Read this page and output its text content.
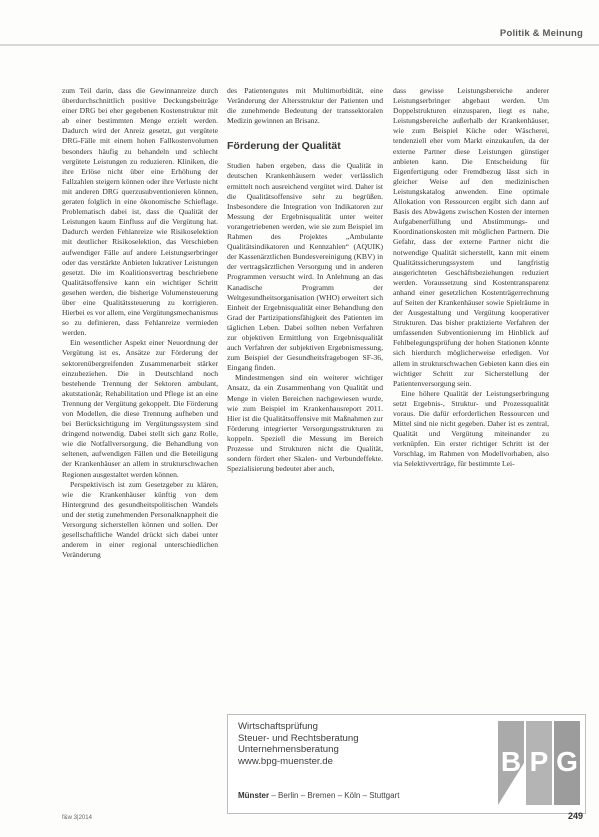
Politik & Meinung

zum Teil darin, dass die Gewinnanreize durch überdurchschnittlich positive Deckungsbeiträge einer DRG bei eher gegebenen Kostenstruktur mit ab einer bestimmten Menge erzielt werden. Dadurch wird der Anreiz gesetzt, gut vergütete DRG-Fälle mit einem hohen Fallkostenvolumen besonders häufig zu behandeln und schlecht vergütete Leistungen zu reduzieren. Kliniken, die ihre Erlöse nicht über eine Erhöhung der Fallzahlen steigern können oder ihre Verluste nicht mit anderen DRG querzusubventionieren können, geraten folglich in eine ökonomische Schieflage. Problematisch dabei ist, dass die Qualität der Leistungen kaum Einfluss auf die Vergütung hat. Dadurch werden Fehlanreize wie Risikoselektion mit deutlicher Risikoselektion, das Verschieben aufwendiger Fälle auf andere Leistungserbringer oder das verstärkte Anbieten lukrativer Leistungen gesetzt. Die im Koalitionsvertrag beschriebene Qualitätsoffensive kann ein wichtiger Schritt gesehen werden, die bisherige Volumensteuerung über eine Qualitätssteuerung zu korrigieren. Hierbei es vor allem, eine Vergütungsmechanismus so zu definieren, dass Fehlanreize vermieden werden.

Ein wesentlicher Aspekt einer Neuordnung der Vergütung ist es, Ansätze zur Förderung der sektorenübergreifenden Zusammenarbeit stärker einzubeziehen. Die in Deutschland noch bestehende Trennung der Sektoren ambulant, akutstationär, Rehabilitation und Pflege ist an eine Trennung der Vergütung gekoppelt. Die Förderung von Modellen, die diese Trennung aufheben und bei Berücksichtigung im Vergütungssystem sind dringend notwendig. Dabei stellt sich ganz Rolle, wie die Notfallversorgung, die Behandlung von seltenen, aufwendigen Fällen und die Beteiligung der Krankenhäuser an allem in strukturschwachen Regionen ausgestaltet werden können.

Perspektivisch ist zum Gesetzgeber zu klären, wie die Krankenhäuser künftig von dem Hintergrund des gesundheitspolitischen Wandels und der stetig zunehmenden Personalknappheit die Versorgung sicherstellen können und sollen. Der gesellschaftliche Wandel drückt sich dabei unter anderem in einer regional unterschiedlichen Veränderung

des Patientengutes mit Multimorbidität, eine Veränderung der Altersstruktur der Patienten und die zunehmende Bedeutung der transsektoralen Medizin gewinnen an Brisanz.

Förderung der Qualität

Studien haben ergeben, dass die Qualität in deutschen Krankenhäusern weder verlässlich ermittelt noch ausreichend vergütet wird. Daher ist die Qualitätsoffensive sehr zu begrüßen. Insbesondere die Integration von Indikatoren zur Messung der Ergebnisqualität unter weiter vorangetriebenen werden, wie sie zum Beispiel im Rahmen des Projektes „Ambulante Qualitätsindikatoren und Kennzahlen“ (AQUIK) der Kassenärztlichen Bundesvereinigung (KBV) in der vertragsärztlichen Versorgung und in anderen Programmen versucht wird. In Anlehnung an das Kanadische Programm der Weltgesundheitsorganisation (WHO) erweitert sich Einheit der Ergebnisqualität einer Behandlung den Grad der Partizipationsfähigkeit des Patienten im täglichen Leben. Dabei sollten neben Verfahren zur objektiven Ermittlung von Ergebnisqualität auch Verfahren der subjektiven Ergebnismessung, zum Beispiel der Gesundheitsfragebogen SF-36, Eingang finden.

Mindestmengen sind ein weiterer wichtiger Ansatz, da ein Zusammenhang von Qualität und Menge in vielen Bereichen nachgewiesen wurde, wie zum Beispiel im Krankenhausreport 2011. Hier ist die Qualitätsoffensive mit Maßnahmen zur Förderung integrierter Versorgungsstrukturen zu koppeln. Speziell die Messung im Bereich Prozesse und Strukturen nicht die Qualität, sondern fördert eher Skalen- und Verbundeffekte. Spezialisierung bedeutet aber auch,

dass gewisse Leistungsbereiche anderer Leistungserbringer abgebaut werden. Um Doppelstrukturen einzusparen, liegt es nahe, Leistungsbereiche außerhalb der Krankenhäuser, wie zum Beispiel Küche oder Wäscherei, tendenziell eher vom Markt einzukaufen, da der externe Partner diese Leistungen günstiger anbieten kann. Die Entscheidung für Eigenfertigung oder Fremdbezug lässt sich in gleicher Weise auf den medizinischen Leistungskatalog anwenden. Eine optimale Allokation von Ressourcen ergibt sich dann auf Basis des Abwägens zwischen Kosten der internen Aufgabenerfüllung und Abstimmungs- und Koordinationskosten mit möglichen Partnern. Die Gefahr, dass der externe Partner nicht die notwendige Qualität sicherstellt, kann mit einem Qualitätssicherungssystem und langfristig ausgerichteten Geschäftsbeziehungen reduziert werden. Voraussetzung sind Kostentransparenz anhand einer gesetzlichen Kostenträgerrechnung auf Seiten der Krankenhäuser sowie Spielräume in der Ausgestaltung und Vergütung kooperativer Strukturen. Das bisher praktizierte Verfahren der umfassenden Subventionierung im Hinblick auf Fehlbelegungsprüfung der hohen Stationen könnte sich hierdurch möglicherweise erledigen. Vor allem in strukturschwachen Gebieten kann dies ein wichtiger Schritt zur Sicherstellung der Patientenversorgung sein.

Eine höhere Qualität der Leistungserbringung setzt Ergebnis-, Struktur- und Prozessqualität voraus. Die dafür erforderlichen Ressourcen und Mittel sind nie nicht gegeben. Daher ist es zentral, Qualität und Vergütung miteinander zu verknüpfen. Ein erster richtiger Schritt ist der Vorschlag, im Rahmen von Modellvorhaben, also via Selektivverträge, für bestimmte Lei-

Wirtschaftsprüfung
Steuer- und Rechtsberatung
Unternehmensberatung
www.bpg-muenster.de
Münster – Berlin – Bremen – Köln – Stuttgart
B P G
f&w 3|2014	249
